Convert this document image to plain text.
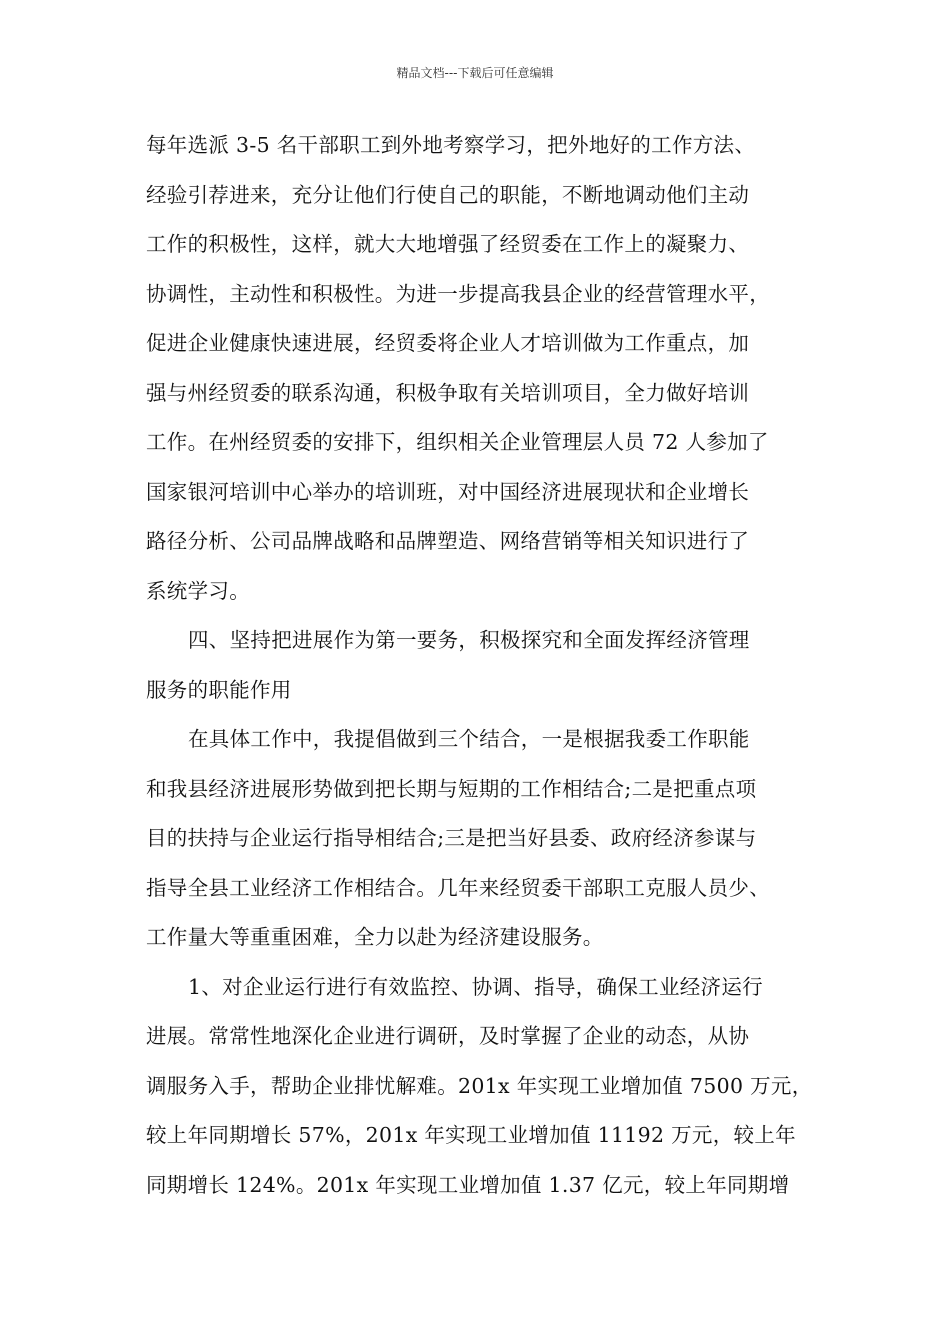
精品文档---下载后可任意编辑
每年选派 3-5 名干部职工到外地考察学习，把外地好的工作方法、
经验引荐进来，充分让他们行使自己的职能，不断地调动他们主动
工作的积极性，这样，就大大地增强了经贸委在工作上的凝聚力、
协调性，主动性和积极性。为进一步提高我县企业的经营管理水平，
促进企业健康快速进展，经贸委将企业人才培训做为工作重点，加
强与州经贸委的联系沟通，积极争取有关培训项目，全力做好培训
工作。在州经贸委的安排下，组织相关企业管理层人员 72 人参加了
国家银河培训中心举办的培训班，对中国经济进展现状和企业增长
路径分析、公司品牌战略和品牌塑造、网络营销等相关知识进行了
系统学习。
四、坚持把进展作为第一要务，积极探究和全面发挥经济管理
服务的职能作用
在具体工作中，我提倡做到三个结合，一是根据我委工作职能
和我县经济进展形势做到把长期与短期的工作相结合;二是把重点项
目的扶持与企业运行指导相结合;三是把当好县委、政府经济参谋与
指导全县工业经济工作相结合。几年来经贸委干部职工克服人员少、
工作量大等重重困难，全力以赴为经济建设服务。
1、对企业运行进行有效监控、协调、指导，确保工业经济运行
进展。常常性地深化企业进行调研，及时掌握了企业的动态，从协
调服务入手，帮助企业排忧解难。201x 年实现工业增加值 7500 万元，
较上年同期增长 57%，201x 年实现工业增加值 11192 万元，较上年
同期增长 124%。201x 年实现工业增加值 1.37 亿元，较上年同期增
